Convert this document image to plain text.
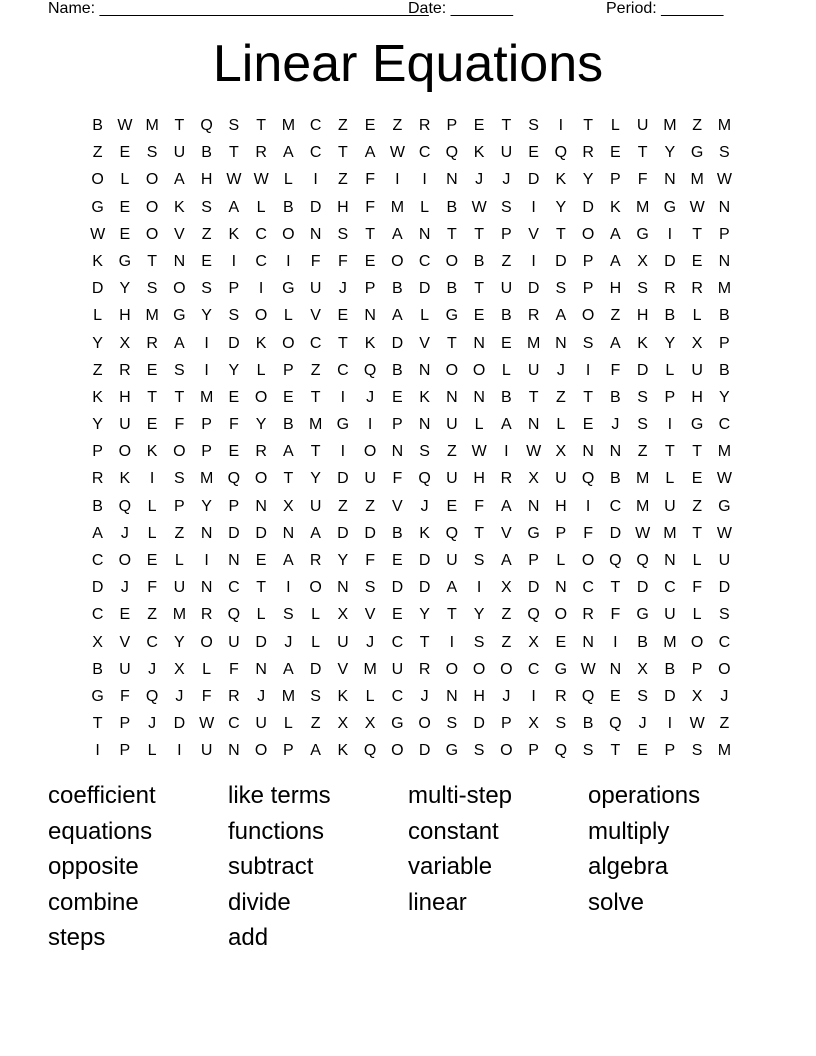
Name: _____________________________________
Date: _______	Period: _______
Linear Equations
B W M T	Q S	T M C	Z	E	Z	R	P	E	T	S	I	T	L	U M Z M
Z	E	S	U	B	T	R	A	C	T	A W C Q K	U	E Q R	E	T	Y G S
O	L	O A	H W W L	I	Z	F	I	I	N	J	J	D	K	Y	P	F	N M W
G E O K	S	A	L	B	D H	F M	L	B W S	I	Y	D	K M G W N
W E O V	Z	K	C O N	S	T	A	N	T	T	P	V	T	O A G	I	T	P
K G	T	N	E	I	C	I	F	F	E O C O B	Z	I	D	P	A	X	D	E	N
D	Y	S O S	P	I	G U	J	P	B	D	B	T	U D	S	P	H	S	R R M
L	H M G Y	S O	L	V	E	N	A	L	G E	B	R	A O	Z	H	B	L	B
Y	X	R	A	I	D	K O C	T	K	D	V	T	N	E M N	S	A	K	Y	X	P
Z	R	E	S	I	Y	L	P	Z	C Q B	N O O	L	U	J	I	F	D	L	U	B
K	H	T	T M E O E	T	I	J	E	K	N N	B	T	Z	T	B	S	P	H	Y
Y	U	E	F	P	F	Y	B M G	I	P	N U	L	A	N	L	E	J	S	I	G C
P O K O P	E	R	A	T	I	O N	S	Z W	I	W X	N N	Z	T	T M
R	K	I	S M Q O	T	Y	D U	F	Q U H R	X	U Q B M	L	E W
B Q	L	P	Y	P	N	X	U	Z	Z	V	J	E	F	A	N H	I	C M U	Z	G
A	J	L	Z	N D D N	A	D D	B	K Q	T	V G P	F	D W M T W
C O E	L	I	N	E	A	R	Y	F	E	D U	S	A	P	L	O Q Q N	L	U
D	J	F	U N C	T	I	O N	S	D D	A	I	X	D N C	T	D C	F	D
C	E	Z M R Q	L	S	L	X	V	E	Y	T	Y	Z	Q O R	F	G U	L	S
X	V	C	Y O U D	J	L	U	J	C	T	I	S	Z	X	E	N	I	B M O C
B	U	J	X	L	F	N	A	D	V M U R O O O C G W N	X	B	P O
G	F	Q	J	F	R	J	M S	K	L	C	J	N H	J	I	R Q E	S	D	X	J
T	P	J	D W C U	L	Z	X	X G O S	D	P	X	S	B Q	J	I	W Z
I	P	L	I	U N O P	A	K Q O D G S O P Q S	T	E	P	S M
coefficient	like terms	multi-step	operations
equations	functions	constant	multiply
opposite	subtract	variable	algebra
combine	divide	linear	solve
steps	add
